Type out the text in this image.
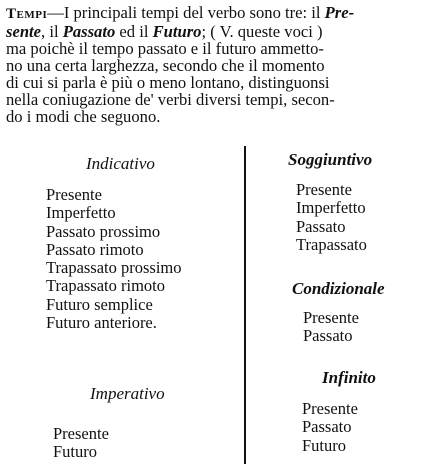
Tempi—I principali tempi del verbo sono tre: il Pre-
sente, il Passato ed il Futuro; ( V. queste voci )
ma poichè il tempo passato e il futuro ammetto-
no una certa larghezza, secondo che il momento
di cui si parla è più o meno lontano, distinguonsi
nella coniugazione de' verbi diversi tempi, secon-
do i modi che seguono.
Indicativo
Presente
Imperfetto
Passato prossimo
Passato rimoto
Trapassato prossimo
Trapassato rimoto
Futuro semplice
Futuro anteriore.
Imperativo
Presente
Futuro
Soggiuntivo
Presente
Imperfetto
Passato
Trapassato
Condizionale
Presente
Passato
Infinito
Presente
Passato
Futuro
